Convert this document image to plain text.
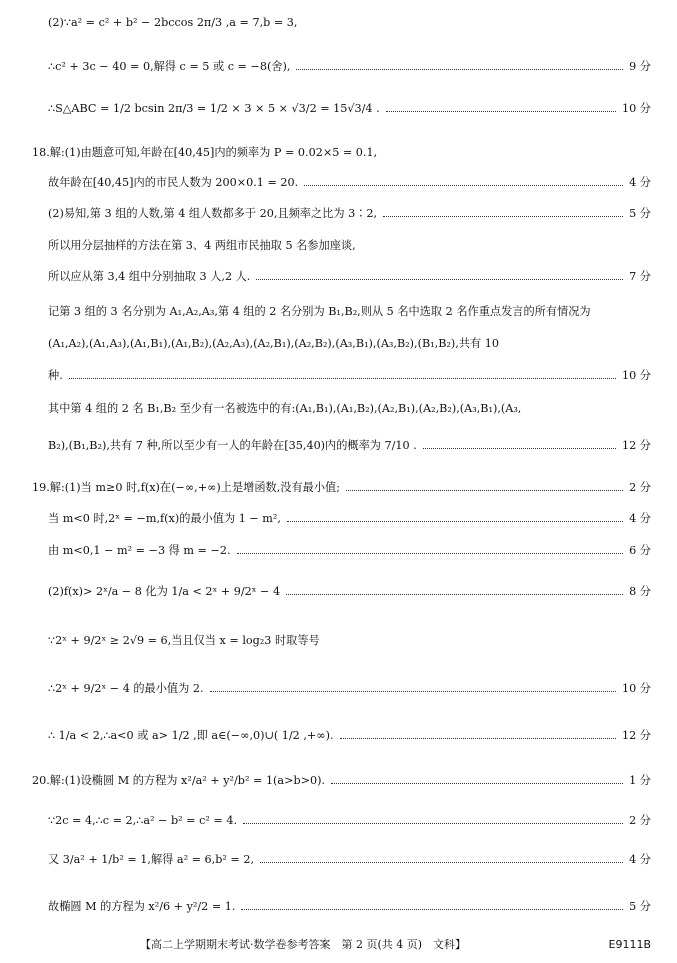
(2)∵a² = c² + b² − 2bccos 2π/3 ,a = 7,b = 3,
∴c² + 3c − 40 = 0,解得 c = 5 或 c = −8(舍),	9 分
∴S△ABC = 1/2 bcsin 2π/3 = 1/2 × 3 × 5 × √3/2 = 15√3/4 .	10 分
18.解:(1)由题意可知,年龄在[40,45]内的频率为 P = 0.02×5 = 0.1,
故年龄在[40,45]内的市民人数为 200×0.1 = 20.	4 分
(2)易知,第 3 组的人数,第 4 组人数都多于 20,且频率之比为 3∶2,	5 分
所以用分层抽样的方法在第 3、4 两组市民抽取 5 名参加座谈,
所以应从第 3,4 组中分别抽取 3 人,2 人.	7 分
记第 3 组的 3 名分别为 A₁,A₂,A₃,第 4 组的 2 名分别为 B₁,B₂,则从 5 名中选取 2 名作重点发言的所有情况为
(A₁,A₂),(A₁,A₃),(A₁,B₁),(A₁,B₂),(A₂,A₃),(A₂,B₁),(A₂,B₂),(A₃,B₁),(A₃,B₂),(B₁,B₂),共有 10
种.	10 分
其中第 4 组的 2 名 B₁,B₂ 至少有一名被选中的有:(A₁,B₁),(A₁,B₂),(A₂,B₁),(A₂,B₂),(A₃,B₁),(A₃,
B₂),(B₁,B₂),共有 7 种,所以至少有一人的年龄在[35,40)内的概率为 7/10 .	12 分
19.解:(1)当 m≥0 时,f(x)在(−∞,+∞)上是增函数,没有最小值;	2 分
当 m<0 时,2ˣ = −m,f(x)的最小值为 1 − m²,	4 分
由 m<0,1 − m² = −3 得 m = −2.	6 分
(2)f(x)> 2ˣ/a − 8 化为 1/a < 2ˣ + 9/2ˣ − 4	8 分
∵2ˣ + 9/2ˣ ≥ 2√9 = 6,当且仅当 x = log₂3 时取等号
∴2ˣ + 9/2ˣ − 4 的最小值为 2.	10 分
∴ 1/a < 2,∴a<0 或 a> 1/2 ,即 a∈(−∞,0)∪( 1/2 ,+∞).	12 分
20.解:(1)设椭圆 M 的方程为 x²/a² + y²/b² = 1(a>b>0).	1 分
∵2c = 4,∴c = 2,∴a² − b² = c² = 4.	2 分
又 3/a² + 1/b² = 1,解得 a² = 6,b² = 2,	4 分
故椭圆 M 的方程为 x²/6 + y²/2 = 1.	5 分
【高二上学期期末考试·数学卷参考答案　第 2 页(共 4 页)　文科】	E9111B
